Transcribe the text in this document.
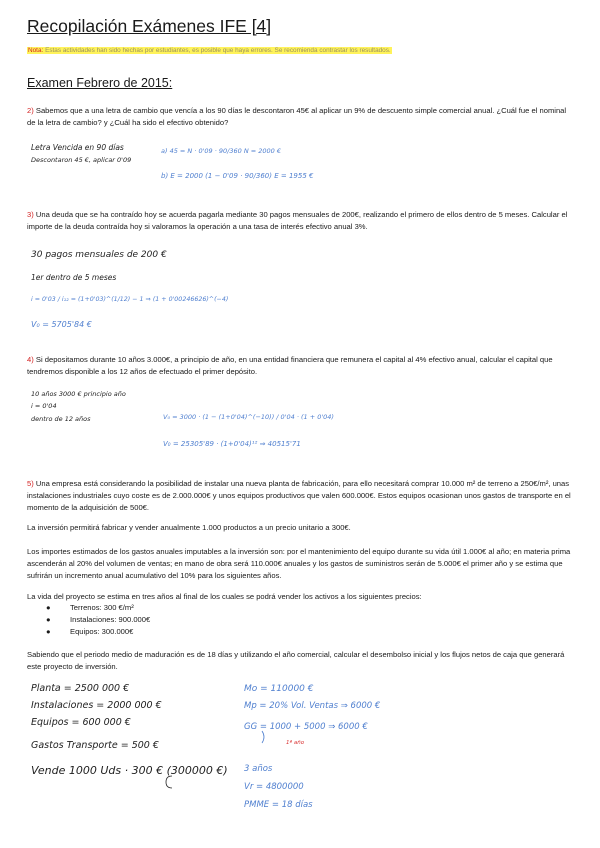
Recopilación Exámenes IFE [4]
Nota: Estas actividades han sido hechas por estudiantes, es posible que haya errores. Se recomienda contrastar los resultados.
Examen Febrero de 2015:
2) Sabemos que a una letra de cambio que vencía a los 90 días le descontaron 45€ al aplicar un 9% de descuento simple comercial anual. ¿Cuál fue el nominal de la letra de cambio? y ¿Cuál ha sido el efectivo obtenido?
Letra Vencida en 90 días
Descontaron 45 €, aplicar 0'09
a) 45 = N · 0'09 · 90/360 N = 2000 €
b) E = 2000 (1 − 0'09 · 90/360) E = 1955 €
3) Una deuda que se ha contraído hoy se acuerda pagarla mediante 30 pagos mensuales de 200€, realizando el primero de ellos dentro de 5 meses. Calcular el importe de la deuda contraída hoy si valoramos la operación a una tasa de interés efectivo anual 3%.
30 pagos mensuales de 200 €
1er dentro de 5 meses
i = 0'03 / i₁₂ = (1+0'03)^(1/12) − 1 ⇒ (1 + 0'00246626)^(−4)
V₀ = 5705'84 €
4) Si depositamos durante 10 años 3.000€, a principio de año, en una entidad financiera que remunera el capital al 4% efectivo anual, calcular el capital que tendremos disponible a los 12 años de efectuado el primer depósito.
10 años 3000 € principio año
i = 0'04
dentro de 12 años	V₀ = 3000 · (1 − (1+0'04)^(−10)) / 0'04 · (1 + 0'04)
V₀ = 25305'89 · (1+0'04)¹² ⇒ 40515'71
5) Una empresa está considerando la posibilidad de instalar una nueva planta de fabricación, para ello necesitará comprar 10.000 m² de terreno a 250€/m², unas instalaciones industriales cuyo coste es de 2.000.000€ y unos equipos productivos que valen 600.000€. Estos equipos ocasionan unos gastos de transporte en el momento de la adquisición de 500€.
La inversión permitirá fabricar y vender anualmente 1.000 productos a un precio unitario a 300€.
Los importes estimados de los gastos anuales imputables a la inversión son: por el mantenimiento del equipo durante su vida útil 1.000€ al año; en materia prima ascenderán al 20% del volumen de ventas; en mano de obra será 110.000€ anuales y los gastos de suministros serán de 5.000€ el primer año y se estima que sufrirán un incremento anual acumulativo del 10% para los siguientes años.
La vida del proyecto se estima en tres años al final de los cuales se podrá vender los activos a los siguientes precios:
●	Terrenos: 300 €/m²
●	Instalaciones: 900.000€
●	Equipos: 300.000€
Sabiendo que el periodo medio de maduración es de 18 días y utilizando el año comercial, calcular el desembolso inicial y los flujos netos de caja que generará este proyecto de inversión.
Planta = 2500 000 €
Instalaciones = 2000 000 €
Equipos = 600 000 €
Gastos Transporte = 500 €
Vende 1000 Uds · 300 € (300000 €)
Mo = 110000 €
Mp = 20% Vol. Ventas ⇒ 6000 €
GG = 1000 + 5000 ⇒ 6000 €
1ª año
3 años
Vr = 4800000
PMME = 18 días
